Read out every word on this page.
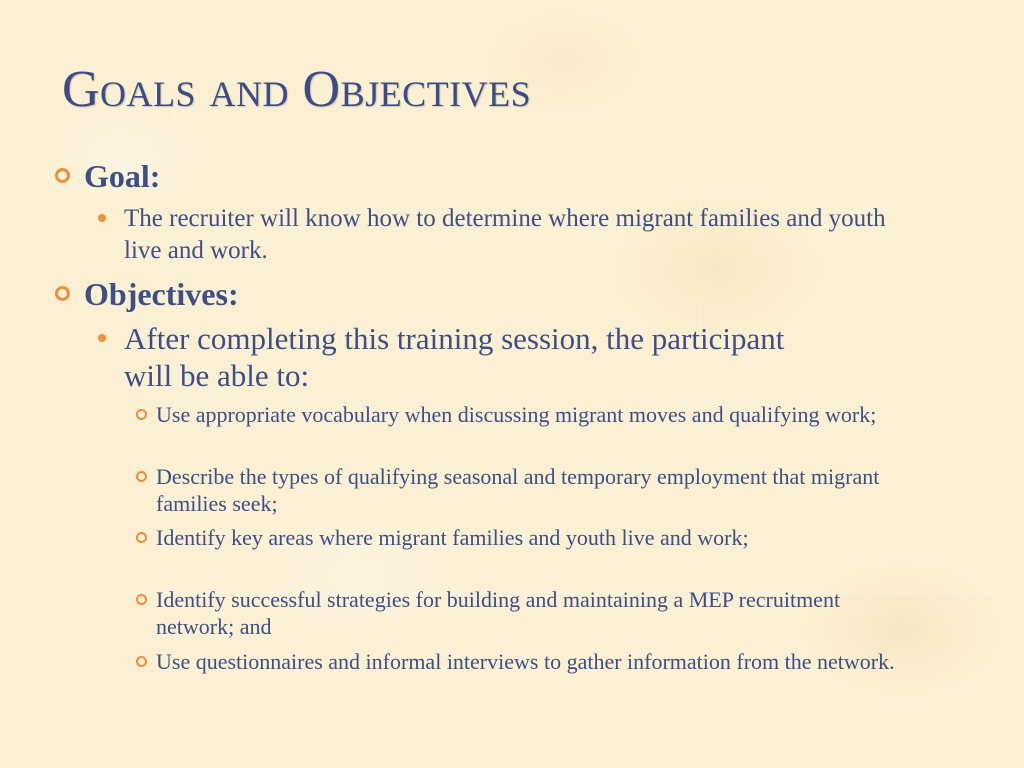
Goals and Objectives
Goal:
The recruiter will know how to determine where migrant families and youth live and work.
Objectives:
After completing this training session, the participant will be able to:
Use appropriate vocabulary when discussing migrant moves and qualifying work;
Describe the types of qualifying seasonal and temporary employment that migrant families seek;
Identify key areas where migrant families and youth live and work;
Identify successful strategies for building and maintaining a MEP recruitment network; and
Use questionnaires and informal interviews to gather information from the network.
